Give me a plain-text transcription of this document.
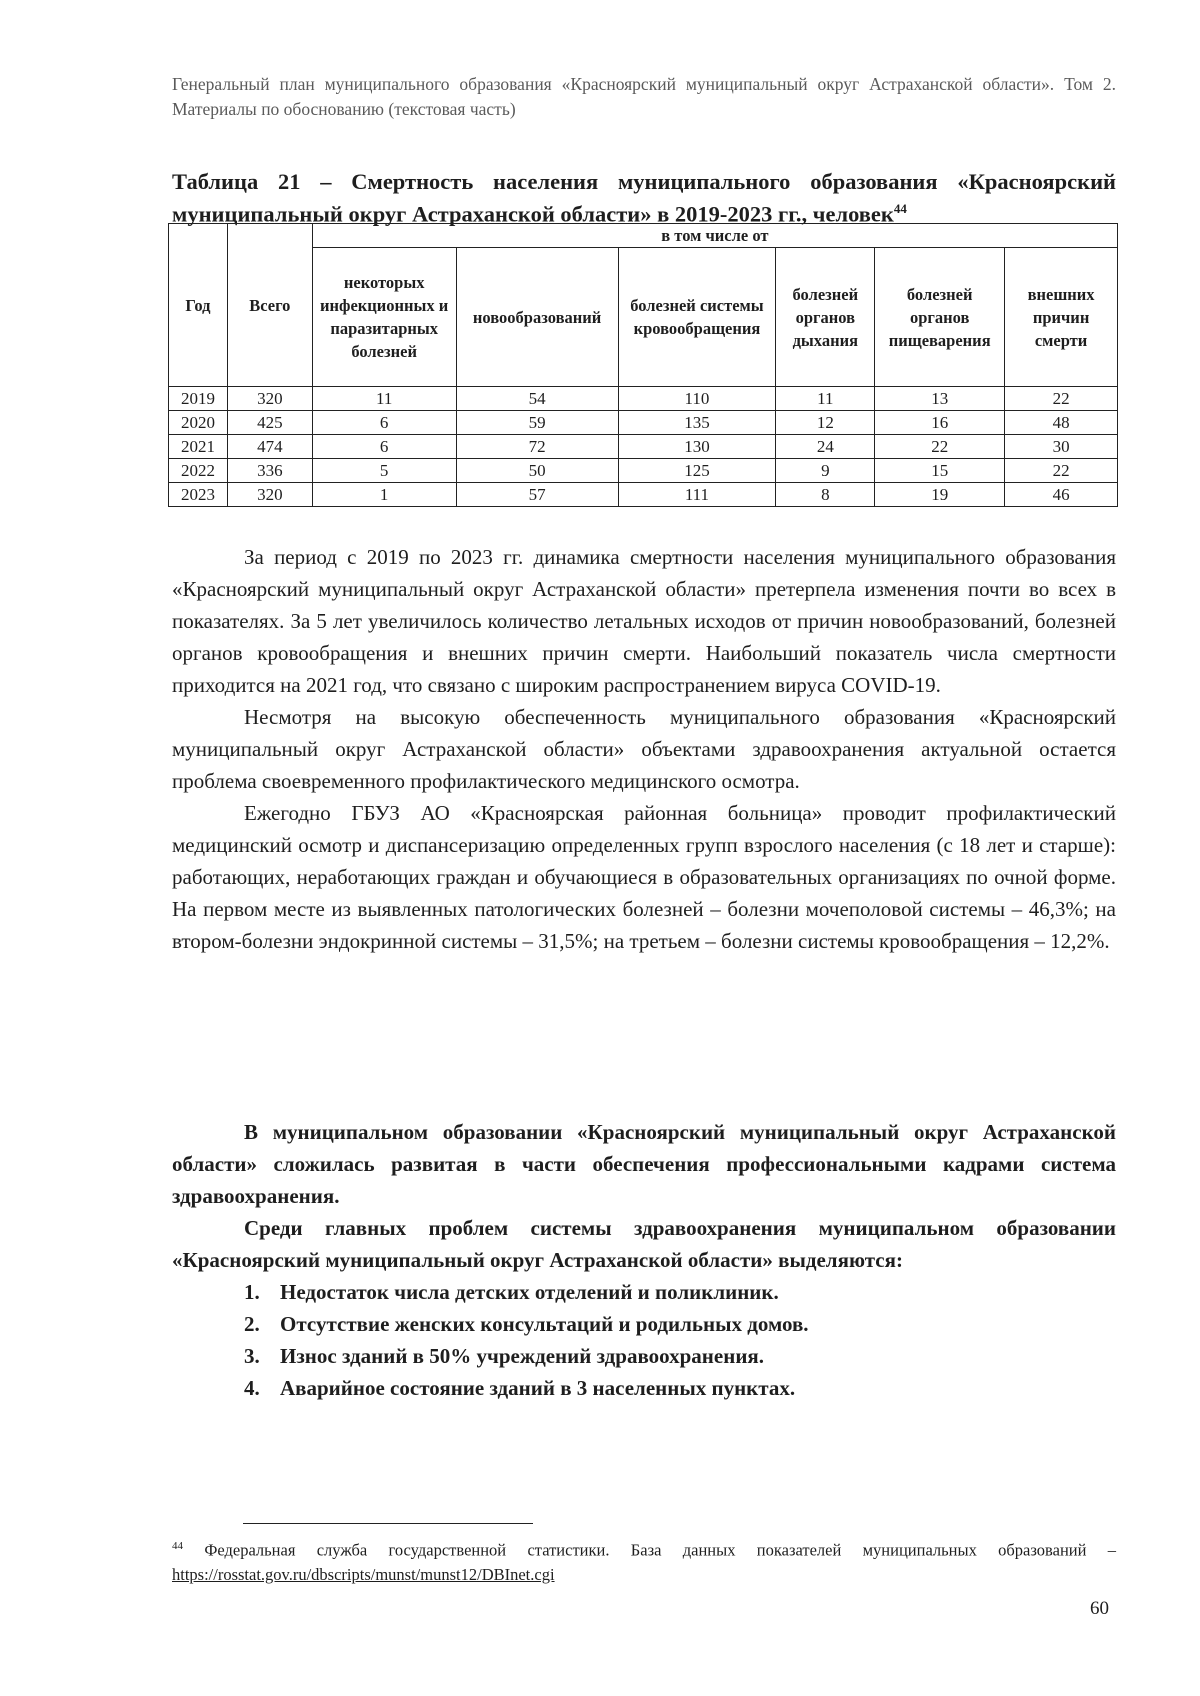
Генеральный план муниципального образования «Красноярский муниципальный округ Астраханской области». Том 2. Материалы по обоснованию (текстовая часть)
Таблица 21 – Смертность населения муниципального образования «Красноярский муниципальный округ Астраханской области» в 2019-2023 гг., человек$^{44}$
Год	Всего	в том числе от					
		некоторых инфекционных и паразитарных болезней	новообразований	болезней системы кровообращения	болезней органов дыхания	болезней органов пищеварения	внешних причин смерти
2019	320	11	54	110	11	13	22
2020	425	6	59	135	12	16	48
2021	474	6	72	130	24	22	30
2022	336	5	50	125	9	15	22
2023	320	1	57	111	8	19	46

За период с 2019 по 2023 гг. динамика смертности населения муниципального образования «Красноярский муниципальный округ Астраханской области» претерпела изменения почти во всех в показателях. За 5 лет увеличилось количество летальных исходов от причин новообразований, болезней органов кровообращения и внешних причин смерти. Наибольший показатель числа смертности приходится на 2021 год, что связано с широким распространением вируса COVID-19.

Несмотря на высокую обеспеченность муниципального образования «Красноярский муниципальный округ Астраханской области» объектами здравоохранения актуальной остается проблема своевременного профилактического медицинского осмотра.

Ежегодно ГБУЗ АО «Красноярская районная больница» проводит профилактический медицинский осмотр и диспансеризацию определенных групп взрослого населения (с 18 лет и старше): работающих, неработающих граждан и обучающиеся в образовательных организациях по очной форме. На первом месте из выявленных патологических болезней – болезни мочеполовой системы – 46,3%; на втором-болезни эндокринной системы – 31,5%; на третьем – болезни системы кровообращения – 12,2%.

В муниципальном образовании «Красноярский муниципальный округ Астраханской области» сложилась развитая в части обеспечения профессиональными кадрами система здравоохранения.

Среди главных проблем системы здравоохранения муниципальном образовании «Красноярский муниципальный округ Астраханской области» выделяются:

1. Недостаток числа детских отделений и поликлиник.
2. Отсутствие женских консультаций и родильных домов.
3. Износ зданий в 50% учреждений здравоохранения.
4. Аварийное состояние зданий в 3 населенных пунктах.
$^{44}$ Федеральная служба государственной статистики. База данных показателей муниципальных образований – https://rosstat.gov.ru/dbscripts/munst/munst12/DBInet.cgi
60
